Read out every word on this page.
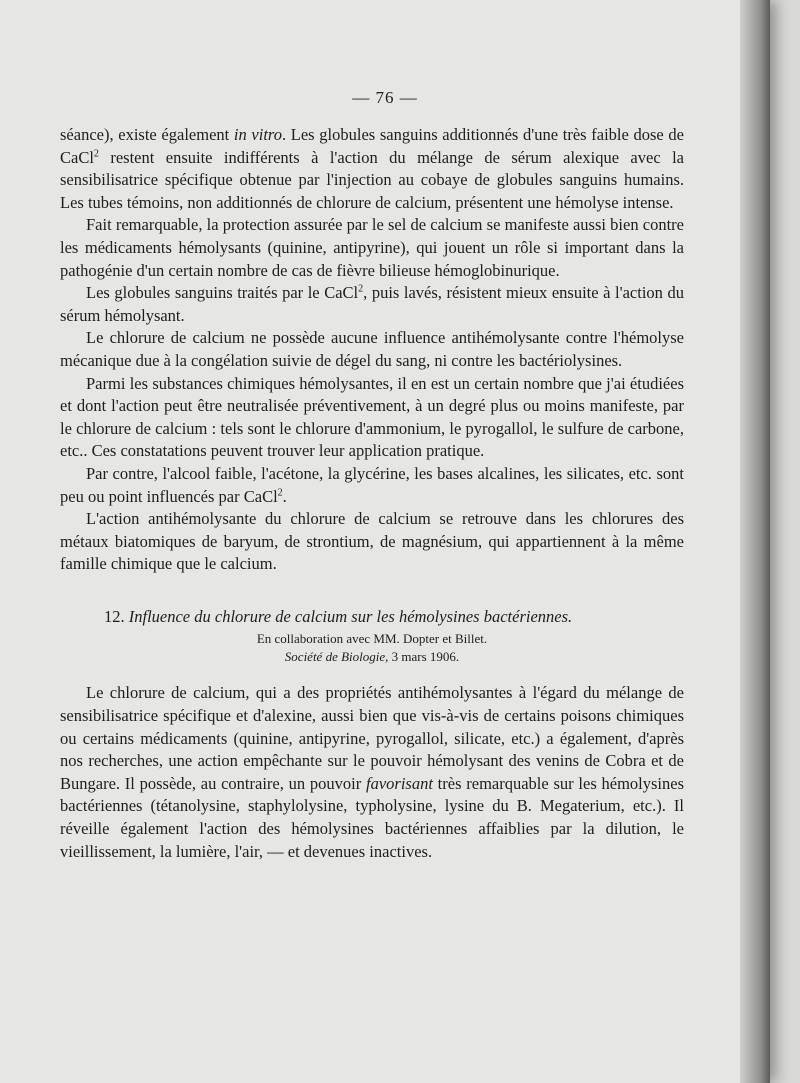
— 76 —

séance), existe également in vitro. Les globules sanguins additionnés d'une très faible dose de CaCl$^2$ restent ensuite indifférents à l'action du mélange de sérum alexique avec la sensibilisatrice spécifique obtenue par l'injection au cobaye de globules sanguins humains. Les tubes témoins, non additionnés de chlorure de calcium, présentent une hémolyse intense.

Fait remarquable, la protection assurée par le sel de calcium se manifeste aussi bien contre les médicaments hémolysants (quinine, antipyrine), qui jouent un rôle si important dans la pathogénie d'un certain nombre de cas de fièvre bilieuse hémoglobinurique.

Les globules sanguins traités par le CaCl$^2$, puis lavés, résistent mieux ensuite à l'action du sérum hémolysant.

Le chlorure de calcium ne possède aucune influence antihémolysante contre l'hémolyse mécanique due à la congélation suivie de dégel du sang, ni contre les bactériolysines.

Parmi les substances chimiques hémolysantes, il en est un certain nombre que j'ai étudiées et dont l'action peut être neutralisée préventivement, à un degré plus ou moins manifeste, par le chlorure de calcium : tels sont le chlorure d'ammonium, le pyrogallol, le sulfure de carbone, etc.. Ces constatations peuvent trouver leur application pratique.

Par contre, l'alcool faible, l'acétone, la glycérine, les bases alcalines, les silicates, etc. sont peu ou point influencés par CaCl$^2$.

L'action antihémolysante du chlorure de calcium se retrouve dans les chlorures des métaux biatomiques de baryum, de strontium, de magnésium, qui appartiennent à la même famille chimique que le calcium.

12. Influence du chlorure de calcium sur les hémolysines bactériennes.

En collaboration avec MM. Dopter et Billet.

Société de Biologie, 3 mars 1906.

Le chlorure de calcium, qui a des propriétés antihémolysantes à l'égard du mélange de sensibilisatrice spécifique et d'alexine, aussi bien que vis-à-vis de certains poisons chimiques ou certains médicaments (quinine, antipyrine, pyrogallol, silicate, etc.) a également, d'après nos recherches, une action empêchante sur le pouvoir hémolysant des venins de Cobra et de Bungare. Il possède, au contraire, un pouvoir favorisant très remarquable sur les hémolysines bactériennes (tétanolysine, staphylolysine, typholysine, lysine du B. Megaterium, etc.). Il réveille également l'action des hémolysines bactériennes affaiblies par la dilution, le vieillissement, la lumière, l'air, — et devenues inactives.
